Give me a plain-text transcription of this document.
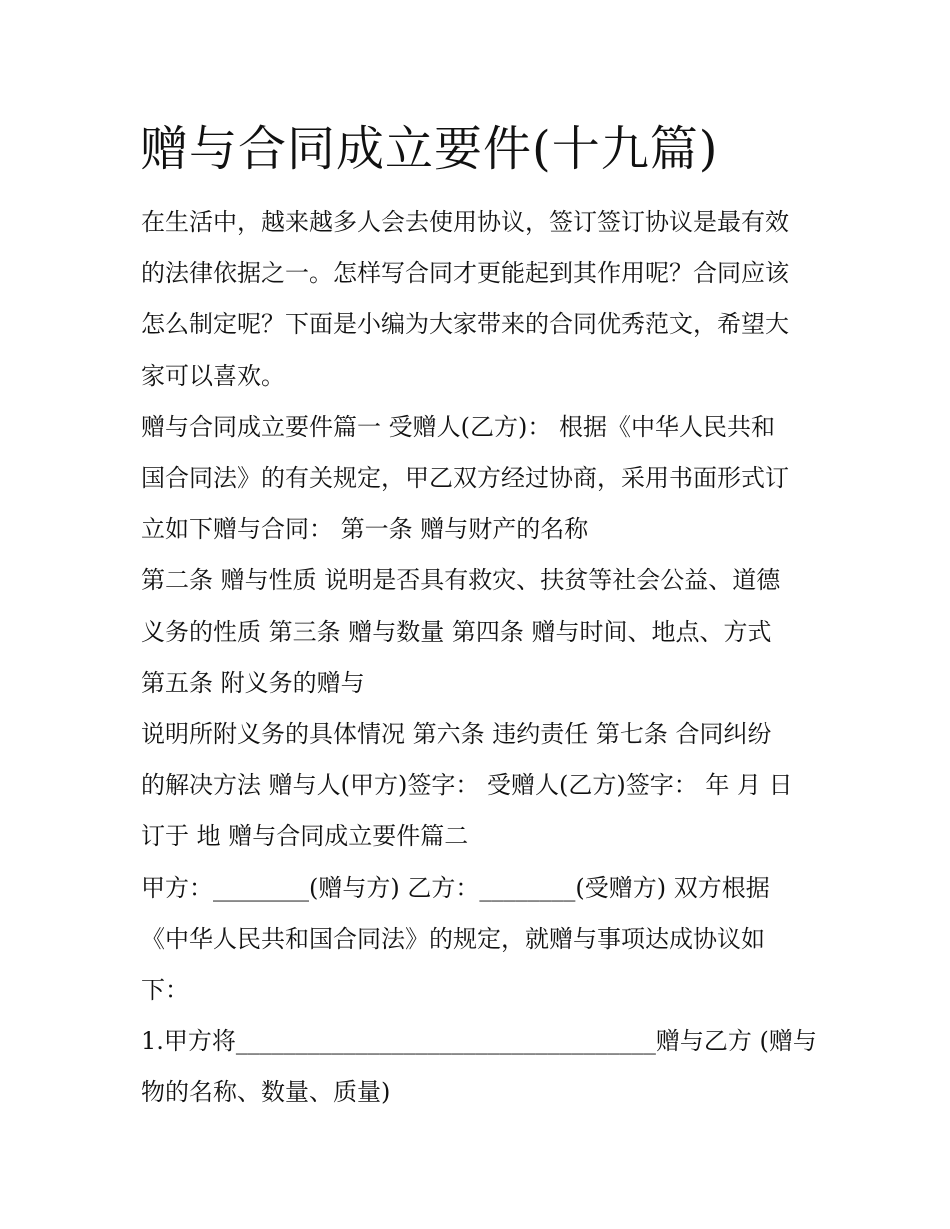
赠与合同成立要件(十九篇)

在生活中，越来越多人会去使用协议，签订签订协议是最有效

的法律依据之一。怎样写合同才更能起到其作用呢？合同应该

怎么制定呢？下面是小编为大家带来的合同优秀范文，希望大

家可以喜欢。

赠与合同成立要件篇一 受赠人(乙方)： 根据《中华人民共和

国合同法》的有关规定，甲乙双方经过协商，采用书面形式订

立如下赠与合同： 第一条 赠与财产的名称

第二条 赠与性质 说明是否具有救灾、扶贫等社会公益、道德

义务的性质 第三条 赠与数量 第四条 赠与时间、地点、方式

第五条 附义务的赠与

说明所附义务的具体情况 第六条 违约责任 第七条 合同纠纷

的解决方法 赠与人(甲方)签字： 受赠人(乙方)签字： 年 月 日

订于 地 赠与合同成立要件篇二

甲方：________(赠与方) 乙方：________(受赠方) 双方根据

《中华人民共和国合同法》的规定，就赠与事项达成协议如

下：

1.甲方将___________________________________赠与乙方 (赠与

物的名称、数量、质量)
